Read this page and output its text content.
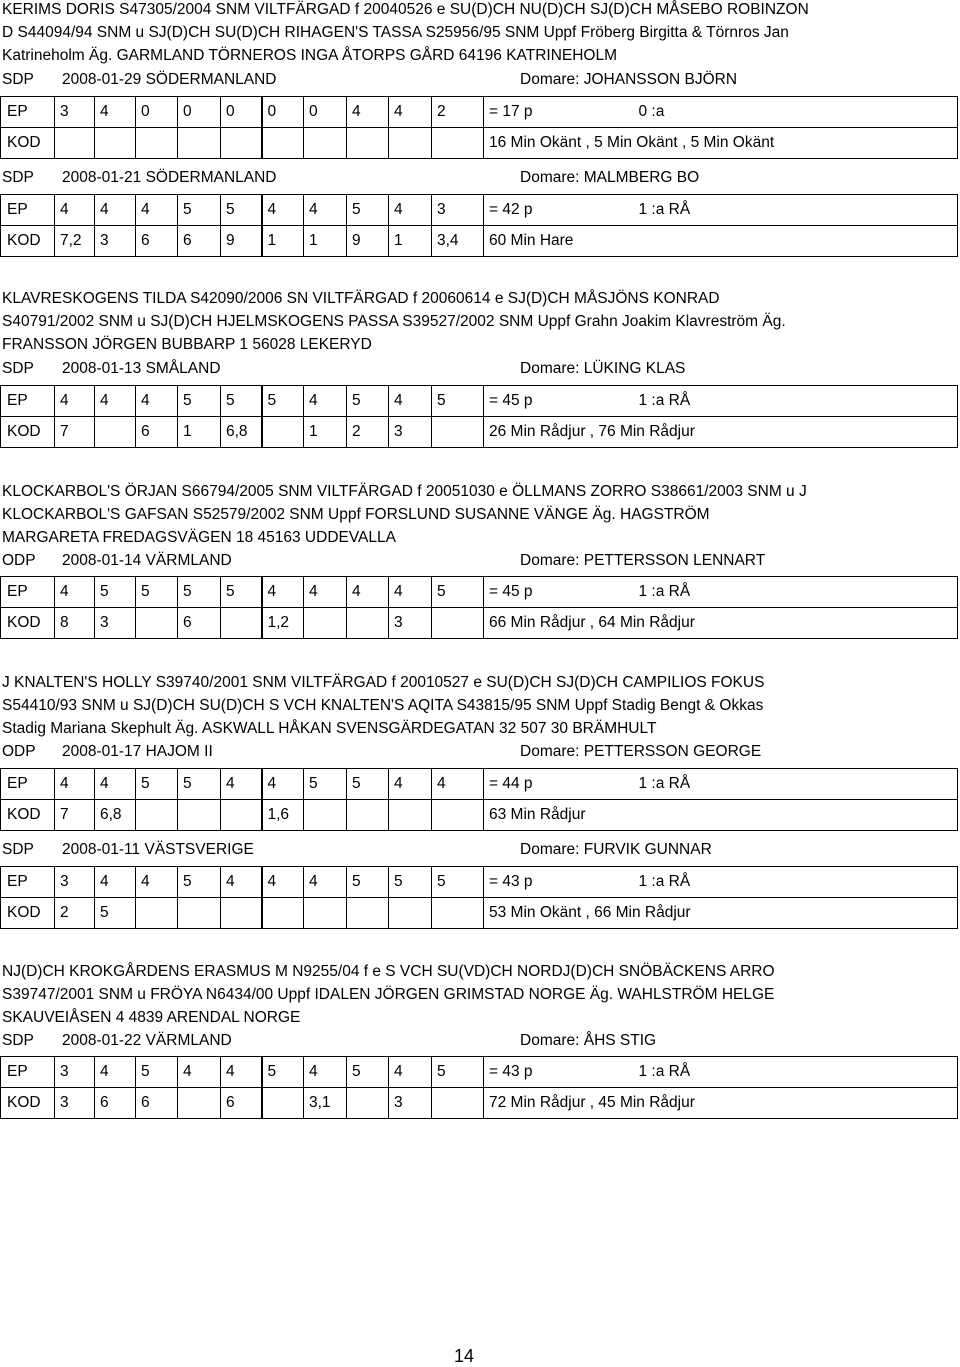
KERIMS DORIS S47305/2004 SNM VILTFÄRGAD f 20040526 e SU(D)CH NU(D)CH SJ(D)CH MÅSEBO ROBINZON
D S44094/94 SNM u SJ(D)CH SU(D)CH RIHAGEN'S TASSA S25956/95 SNM Uppf Fröberg Birgitta & Törnros Jan
Katrineholm Äg. GARMLAND TÖRNEROS INGA ÅTORPS GÅRD 64196 KATRINEHOLM
SDP 2008-01-29 SÖDERMANLAND	Domare: JOHANSSON BJÖRN
EP	3	4	0	0	0	0	0	4	4	2	= 17 p	0 :a
KOD											16 Min Okänt , 5 Min Okänt , 5 Min Okänt	
SDP 2008-01-21 SÖDERMANLAND	Domare: MALMBERG BO
EP	4	4	4	5	5	4	4	5	4	3	= 42 p	1 :a RÅ
KOD	7,2	3	6	6	9	1	1	9	1	3,4	60 Min Hare	
KLAVRESKOGENS TILDA S42090/2006 SN VILTFÄRGAD f 20060614 e SJ(D)CH MÅSJÖNS KONRAD
S40791/2002 SNM u SJ(D)CH HJELMSKOGENS PASSA S39527/2002 SNM Uppf Grahn Joakim Klavreström Äg.
FRANSSON JÖRGEN BUBBARP 1 56028 LEKERYD
SDP 2008-01-13 SMÅLAND	Domare: LÜKING KLAS
EP	4	4	4	5	5	5	4	5	4	5	= 45 p	1 :a RÅ
KOD	7		6	1	6,8		1	2	3		26 Min Rådjur , 76 Min Rådjur	
KLOCKARBOL'S ÖRJAN S66794/2005 SNM VILTFÄRGAD f 20051030 e ÖLLMANS ZORRO S38661/2003 SNM u J
KLOCKARBOL'S GAFSAN S52579/2002 SNM Uppf FORSLUND SUSANNE VÄNGE Äg. HAGSTRÖM
MARGARETA FREDAGSVÄGEN 18 45163 UDDEVALLA
ODP 2008-01-14 VÄRMLAND	Domare: PETTERSSON LENNART
EP	4	5	5	5	5	4	4	4	4	5	= 45 p	1 :a RÅ
KOD	8	3		6		1,2			3		66 Min Rådjur , 64 Min Rådjur	
J KNALTEN'S HOLLY S39740/2001 SNM VILTFÄRGAD f 20010527 e SU(D)CH SJ(D)CH CAMPILIOS FOKUS
S54410/93 SNM u SJ(D)CH SU(D)CH S VCH KNALTEN'S AQITA S43815/95 SNM Uppf Stadig Bengt & Okkas
Stadig Mariana Skephult Äg. ASKWALL HÅKAN SVENSGÄRDEGATAN 32 507 30 BRÄMHULT
ODP 2008-01-17 HAJOM II	Domare: PETTERSSON GEORGE
EP	4	4	5	5	4	4	5	5	4	4	= 44 p	1 :a RÅ
KOD	7	6,8				1,6					63 Min Rådjur	
SDP 2008-01-11 VÄSTSVERIGE	Domare: FURVIK GUNNAR
EP	3	4	4	5	4	4	4	5	5	5	= 43 p	1 :a RÅ
KOD	2	5									53 Min Okänt , 66 Min Rådjur	
NJ(D)CH KROKGÅRDENS ERASMUS M N9255/04 f e S VCH SU(VD)CH NORDJ(D)CH SNÖBÄCKENS ARRO
S39747/2001 SNM u FRÖYA N6434/00 Uppf IDALEN JÖRGEN GRIMSTAD NORGE Äg. WAHLSTRÖM HELGE
SKAUVEIÅSEN 4 4839 ARENDAL NORGE
SDP 2008-01-22 VÄRMLAND	Domare: ÅHS STIG
EP	3	4	5	4	4	5	4	5	4	5	= 43 p	1 :a RÅ
KOD	3	6	6		6		3,1		3		72 Min Rådjur , 45 Min Rådjur	
14
